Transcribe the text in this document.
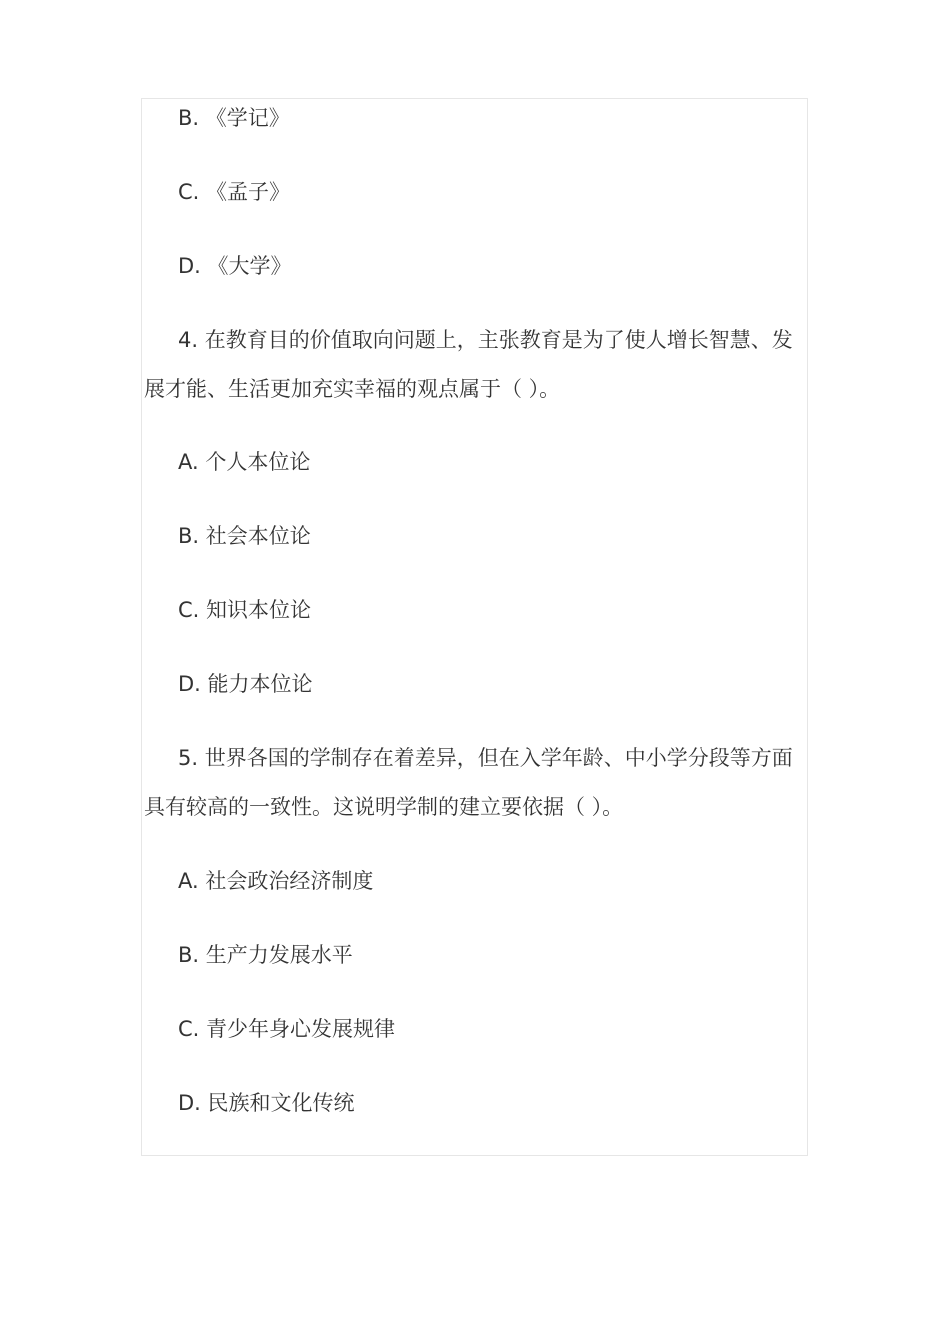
B. 《学记》
C. 《孟子》
D. 《大学》
4. 在教育目的价值取向问题上，主张教育是为了使人增长智慧、发展才能、生活更加充实幸福的观点属于（ ）。
A. 个人本位论
B. 社会本位论
C. 知识本位论
D. 能力本位论
5. 世界各国的学制存在着差异，但在入学年龄、中小学分段等方面具有较高的一致性。这说明学制的建立要依据（ ）。
A. 社会政治经济制度
B. 生产力发展水平
C. 青少年身心发展规律
D. 民族和文化传统
